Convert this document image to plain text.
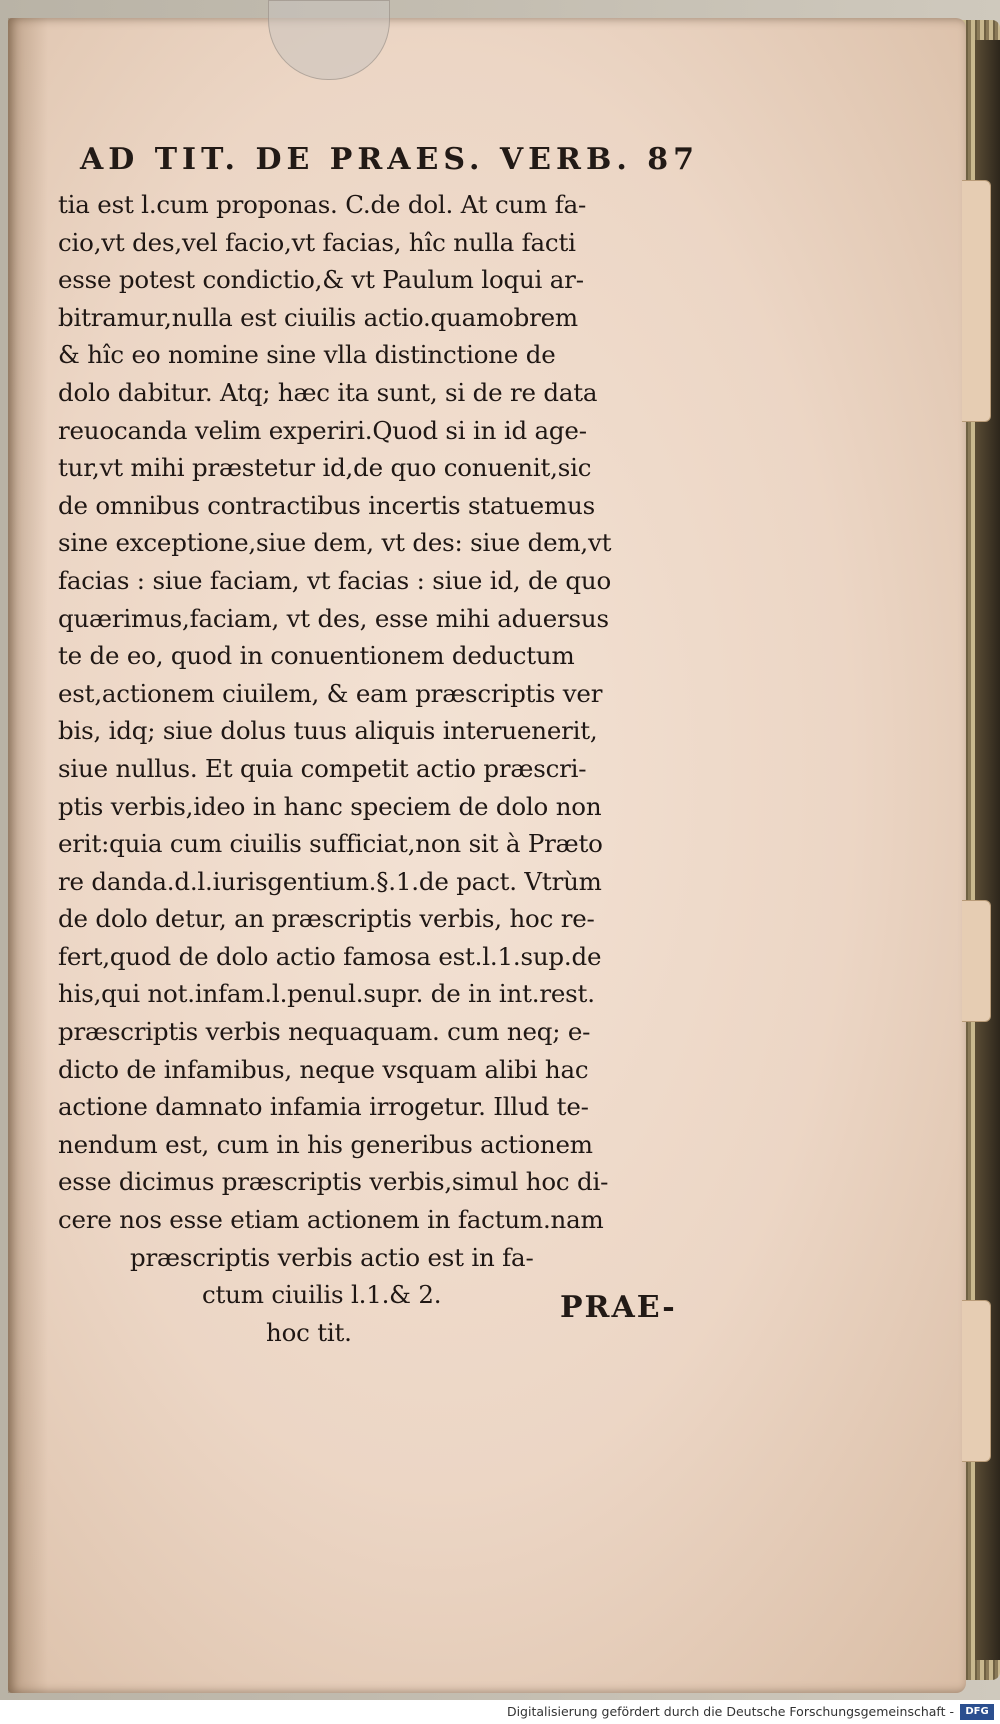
AD TIT. DE PRAES. VERB. 87
tia est l.cum proponas. C.de dol. At cum fa-
cio,vt des,vel facio,vt facias, hîc nulla facti
esse potest condictio,& vt Paulum loqui ar-
bitramur,nulla est ciuilis actio.quamobrem
& hîc eo nomine sine vlla distinctione de
dolo dabitur. Atq; hæc ita sunt, si de re data
reuocanda velim experiri.Quod si in id age-
tur,vt mihi præstetur id,de quo conuenit,sic
de omnibus contractibus incertis statuemus
sine exceptione,siue dem, vt des: siue dem,vt
facias : siue faciam, vt facias : siue id, de quo
quærimus,faciam, vt des, esse mihi aduersus
te de eo, quod in conuentionem deductum
est,actionem ciuilem, & eam præscriptis ver
bis, idq; siue dolus tuus aliquis interuenerit,
siue nullus. Et quia competit actio præscri-
ptis verbis,ideo in hanc speciem de dolo non
erit:quia cum ciuilis sufficiat,non sit à Præto
re danda.d.l.iurisgentium.§.1.de pact. Vtrùm
de dolo detur, an præscriptis verbis, hoc re-
fert,quod de dolo actio famosa est.l.1.sup.de
his,qui not.infam.l.penul.supr. de in int.rest.
præscriptis verbis nequaquam. cum neq; e-
dicto de infamibus, neque vsquam alibi hac
actione damnato infamia irrogetur. Illud te-
nendum est, cum in his generibus actionem
esse dicimus præscriptis verbis,simul hoc di-
cere nos esse etiam actionem in factum.nam
præscriptis verbis actio est in fa-
ctum ciuilis l.1.& 2.
hoc tit.
PRAE-
Digitalisierung gefördert durch die Deutsche Forschungsgemeinschaft -	DFG
